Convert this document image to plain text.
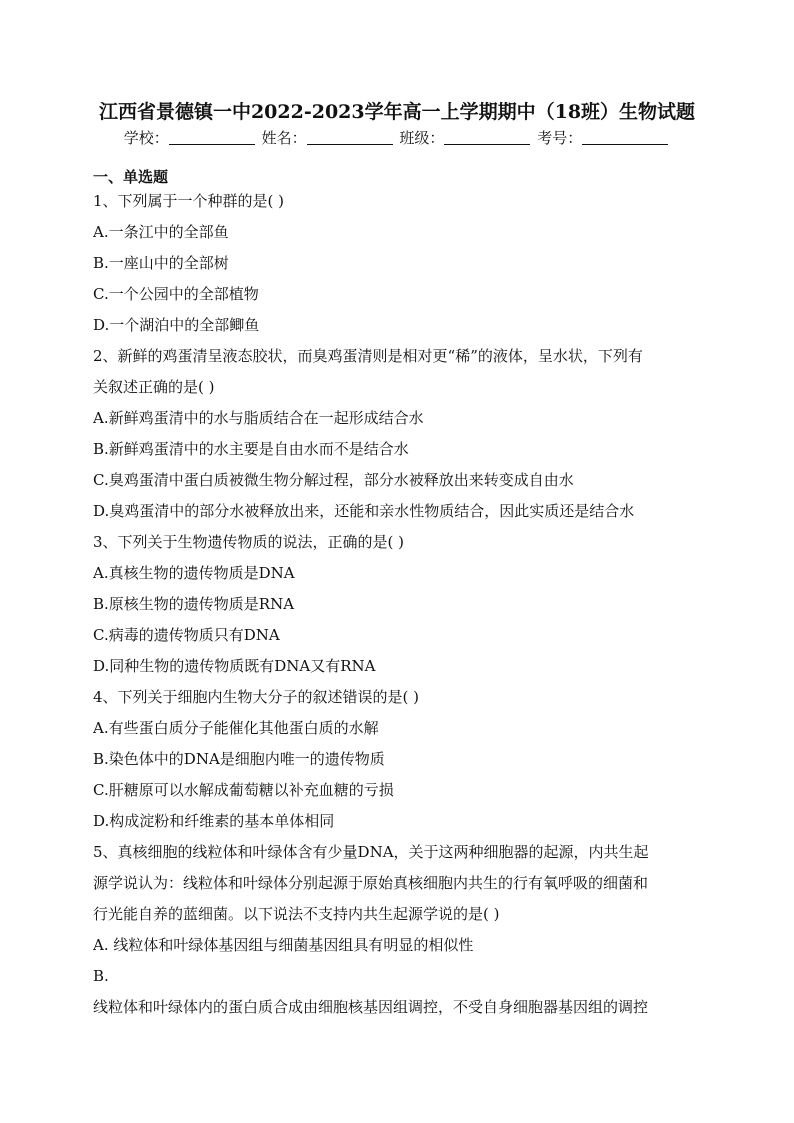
江西省景德镇一中2022-2023学年高一上学期期中（18班）生物试题
学校：	姓名：	班级：	考号：
一、单选题
1、下列属于一个种群的是( )
A.一条江中的全部鱼
B.一座山中的全部树
C.一个公园中的全部植物
D.一个湖泊中的全部鲫鱼
2、新鲜的鸡蛋清呈液态胶状，而臭鸡蛋清则是相对更“稀”的液体，呈水状，下列有
关叙述正确的是( )
A.新鲜鸡蛋清中的水与脂质结合在一起形成结合水
B.新鲜鸡蛋清中的水主要是自由水而不是结合水
C.臭鸡蛋清中蛋白质被微生物分解过程，部分水被释放出来转变成自由水
D.臭鸡蛋清中的部分水被释放出来，还能和亲水性物质结合，因此实质还是结合水
3、下列关于生物遗传物质的说法，正确的是( )
A.真核生物的遗传物质是DNA
B.原核生物的遗传物质是RNA
C.病毒的遗传物质只有DNA
D.同种生物的遗传物质既有DNA又有RNA
4、下列关于细胞内生物大分子的叙述错误的是( )
A.有些蛋白质分子能催化其他蛋白质的水解
B.染色体中的DNA是细胞内唯一的遗传物质
C.肝糖原可以水解成葡萄糖以补充血糖的亏损
D.构成淀粉和纤维素的基本单体相同
5、真核细胞的线粒体和叶绿体含有少量DNA，关于这两种细胞器的起源，内共生起
源学说认为：线粒体和叶绿体分别起源于原始真核细胞内共生的行有氧呼吸的细菌和
行光能自养的蓝细菌。以下说法不支持内共生起源学说的是( )
A. 线粒体和叶绿体基因组与细菌基因组具有明显的相似性
B.
线粒体和叶绿体内的蛋白质合成由细胞核基因组调控，不受自身细胞器基因组的调控
